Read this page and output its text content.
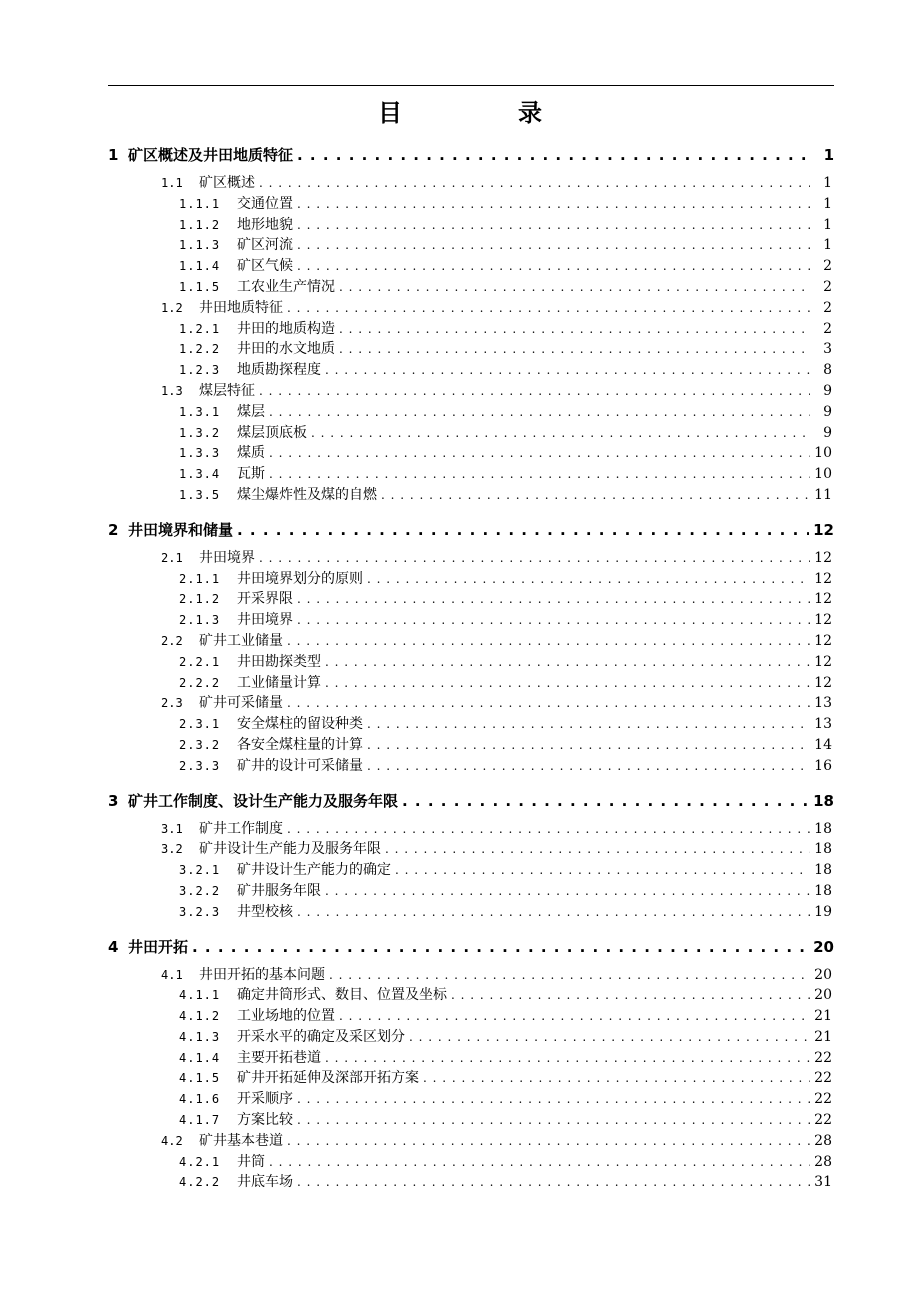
目　录
1 矿区概述及井田地质特征 . . .	1
1.1	矿区概述 . . .	1
1.1.1	交通位置 . . .	1
1.1.2	地形地貌 . . .	1
1.1.3	矿区河流 . . .	1
1.1.4	矿区气候 . . .	2
1.1.5	工农业生产情况 . . .	2
1.2	井田地质特征 . . .	2
1.2.1	井田的地质构造 . . .	2
1.2.2	井田的水文地质 . . .	3
1.2.3	地质勘探程度 . . .	8
1.3	煤层特征 . . .	9
1.3.1	煤层 . . .	9
1.3.2	煤层顶底板 . . .	9
1.3.3	煤质 . . .	10
1.3.4	瓦斯 . . .	10
1.3.5	煤尘爆炸性及煤的自燃 . . .	11
2 井田境界和储量 . . .	12
2.1	井田境界 . . .	12
2.1.1	井田境界划分的原则 . . .	12
2.1.2	开采界限 . . .	12
2.1.3	井田境界 . . .	12
2.2	矿井工业储量 . . .	12
2.2.1	井田勘探类型 . . .	12
2.2.2	工业储量计算 . . .	12
2.3	矿井可采储量 . . .	13
2.3.1	安全煤柱的留设种类 . . .	13
2.3.2	各安全煤柱量的计算 . . .	14
2.3.3	矿井的设计可采储量 . . .	16
3 矿井工作制度、设计生产能力及服务年限 . . .	18
3.1	矿井工作制度 . . .	18
3.2	矿井设计生产能力及服务年限 . . .	18
3.2.1	矿井设计生产能力的确定 . . .	18
3.2.2	矿井服务年限 . . .	18
3.2.3	井型校核 . . .	19
4 井田开拓 . . .	20
4.1	井田开拓的基本问题 . . .	20
4.1.1	确定井筒形式、数目、位置及坐标 . . .	20
4.1.2	工业场地的位置 . . .	21
4.1.3	开采水平的确定及采区划分 . . .	21
4.1.4	主要开拓巷道 . . .	22
4.1.5	矿井开拓延伸及深部开拓方案 . . .	22
4.1.6	开采顺序 . . .	22
4.1.7	方案比较 . . .	22
4.2	矿井基本巷道 . . .	28
4.2.1	井筒 . . .	28
4.2.2	井底车场 . . .	31
